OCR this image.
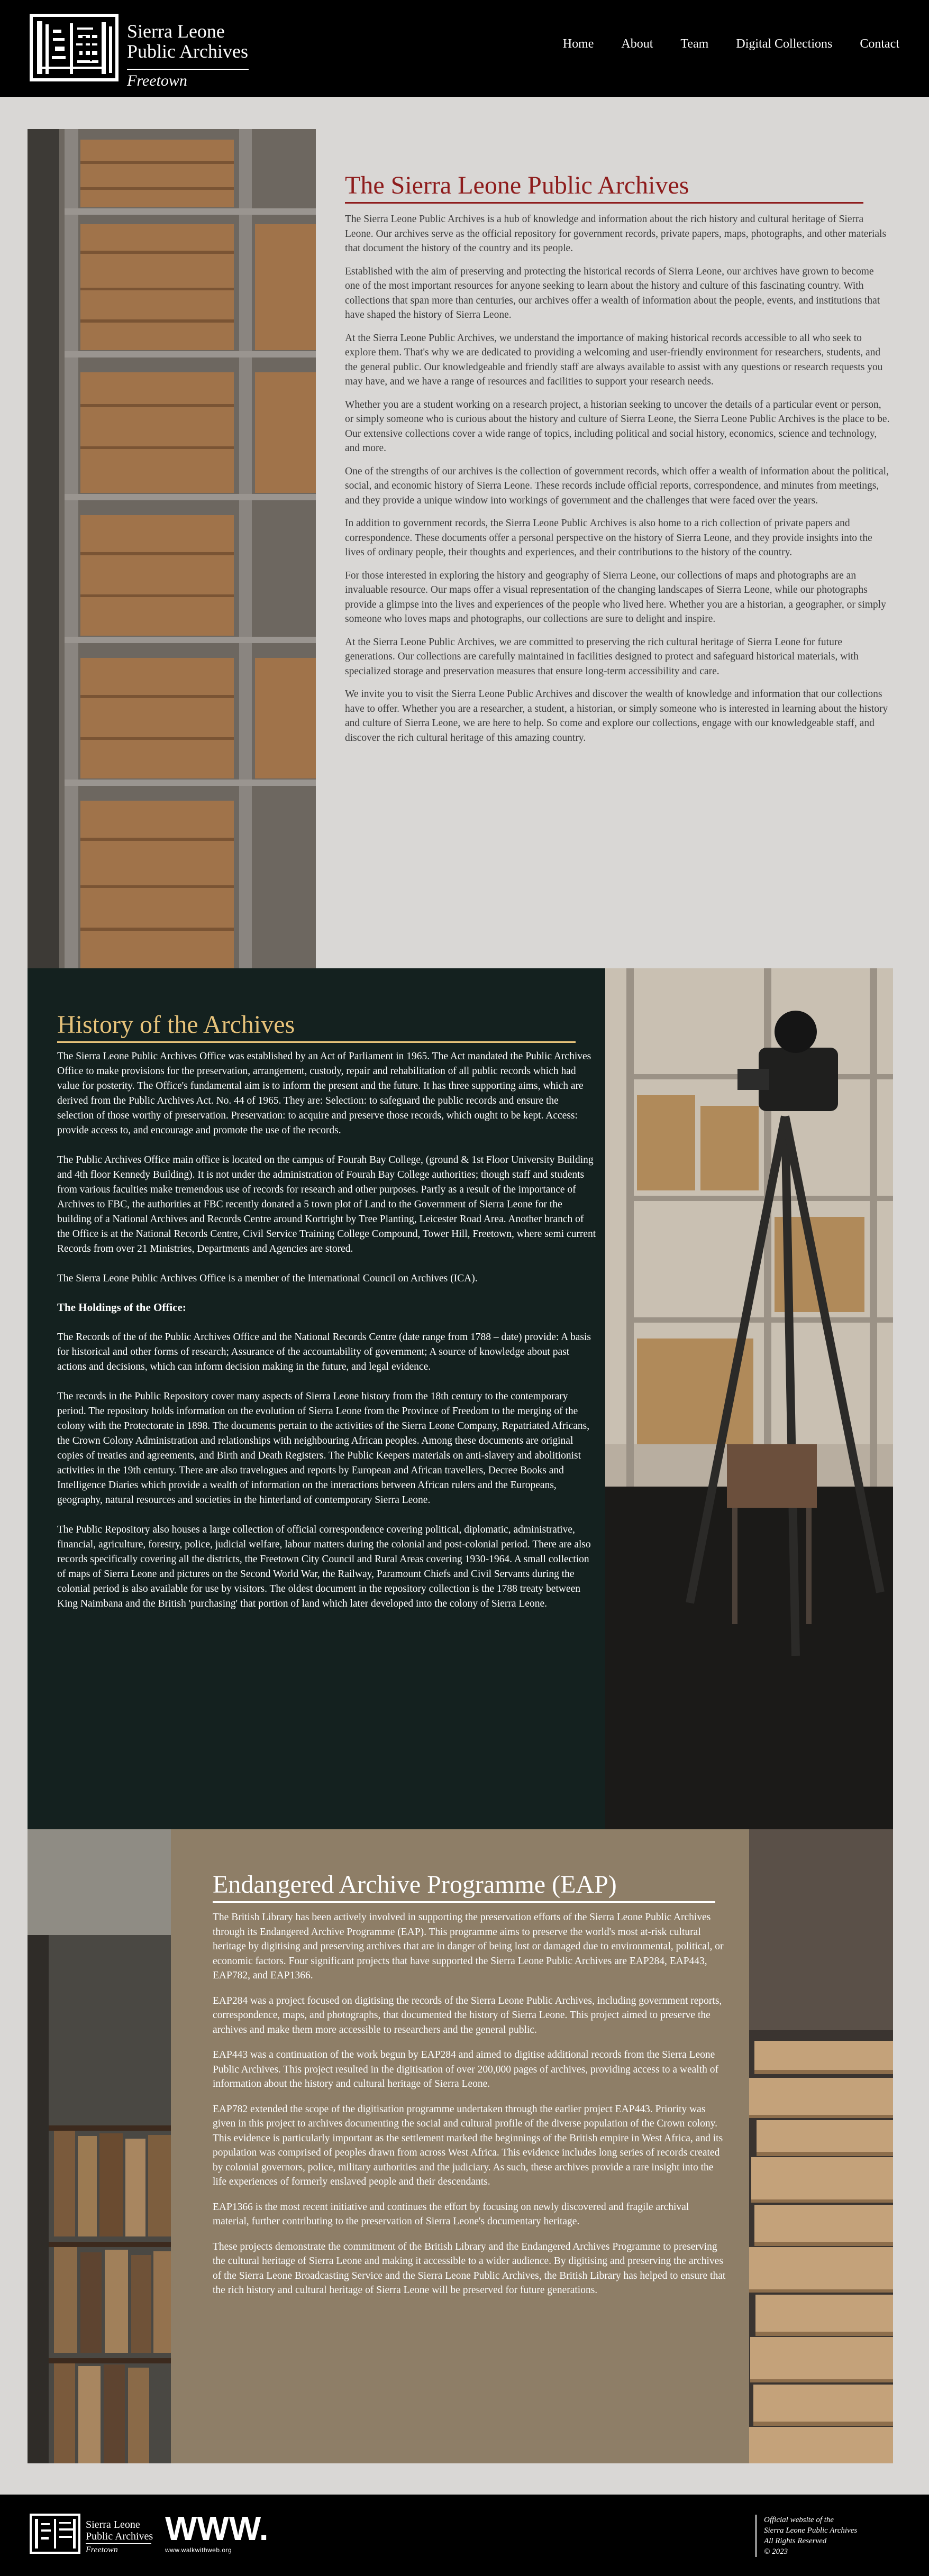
Sierra Leone
Public Archives
Freetown
Home About Team Digital Collections Contact
The Sierra Leone Public Archives

The Sierra Leone Public Archives is a hub of knowledge and information about the rich history and cultural heritage of Sierra Leone. Our archives serve as the official repository for government records, private papers, maps, photographs, and other materials that document the history of the country and its people.

Established with the aim of preserving and protecting the historical records of Sierra Leone, our archives have grown to become one of the most important resources for anyone seeking to learn about the history and culture of this fascinating country. With collections that span more than centuries, our archives offer a wealth of information about the people, events, and institutions that have shaped the history of Sierra Leone.

At the Sierra Leone Public Archives, we understand the importance of making historical records accessible to all who seek to explore them. That's why we are dedicated to providing a welcoming and user-friendly environment for researchers, students, and the general public. Our knowledgeable and friendly staff are always available to assist with any questions or research requests you may have, and we have a range of resources and facilities to support your research needs.

Whether you are a student working on a research project, a historian seeking to uncover the details of a particular event or person, or simply someone who is curious about the history and culture of Sierra Leone, the Sierra Leone Public Archives is the place to be. Our extensive collections cover a wide range of topics, including political and social history, economics, science and technology, and more.

One of the strengths of our archives is the collection of government records, which offer a wealth of information about the political, social, and economic history of Sierra Leone. These records include official reports, correspondence, and minutes from meetings, and they provide a unique window into workings of government and the challenges that were faced over the years.

In addition to government records, the Sierra Leone Public Archives is also home to a rich collection of private papers and correspondence. These documents offer a personal perspective on the history of Sierra Leone, and they provide insights into the lives of ordinary people, their thoughts and experiences, and their contributions to the history of the country.

For those interested in exploring the history and geography of Sierra Leone, our collections of maps and photographs are an invaluable resource. Our maps offer a visual representation of the changing landscapes of Sierra Leone, while our photographs provide a glimpse into the lives and experiences of the people who lived here. Whether you are a historian, a geographer, or simply someone who loves maps and photographs, our collections are sure to delight and inspire.

At the Sierra Leone Public Archives, we are committed to preserving the rich cultural heritage of Sierra Leone for future generations. Our collections are carefully maintained in facilities designed to protect and safeguard historical materials, with specialized storage and preservation measures that ensure long-term accessibility and care.

We invite you to visit the Sierra Leone Public Archives and discover the wealth of knowledge and information that our collections have to offer. Whether you are a researcher, a student, a historian, or simply someone who is interested in learning about the history and culture of Sierra Leone, we are here to help. So come and explore our collections, engage with our knowledgeable staff, and discover the rich cultural heritage of this amazing country.

History of the Archives

The Sierra Leone Public Archives Office was established by an Act of Parliament in 1965. The Act mandated the Public Archives Office to make provisions for the preservation, arrangement, custody, repair and rehabilitation of all public records which had value for posterity. The Office's fundamental aim is to inform the present and the future. It has three supporting aims, which are derived from the Public Archives Act. No. 44 of 1965. They are: Selection: to safeguard the public records and ensure the selection of those worthy of preservation. Preservation: to acquire and preserve those records, which ought to be kept. Access: provide access to, and encourage and promote the use of the records.

The Public Archives Office main office is located on the campus of Fourah Bay College, (ground & 1st Floor University Building and 4th floor Kennedy Building). It is not under the administration of Fourah Bay College authorities; though staff and students from various faculties make tremendous use of records for research and other purposes. Partly as a result of the importance of Archives to FBC, the authorities at FBC recently donated a 5 town plot of Land to the Government of Sierra Leone for the building of a National Archives and Records Centre around Kortright by Tree Planting, Leicester Road Area. Another branch of the Office is at the National Records Centre, Civil Service Training College Compound, Tower Hill, Freetown, where semi current Records from over 21 Ministries, Departments and Agencies are stored.

The Sierra Leone Public Archives Office is a member of the International Council on Archives (ICA).

The Holdings of the Office:

The Records of the of the Public Archives Office and the National Records Centre (date range from 1788 – date) provide: A basis for historical and other forms of research; Assurance of the accountability of government; A source of knowledge about past actions and decisions, which can inform decision making in the future, and legal evidence.

The records in the Public Repository cover many aspects of Sierra Leone history from the 18th century to the contemporary period. The repository holds information on the evolution of Sierra Leone from the Province of Freedom to the merging of the colony with the Protectorate in 1898. The documents pertain to the activities of the Sierra Leone Company, Repatriated Africans, the Crown Colony Administration and relationships with neighbouring African peoples. Among these documents are original copies of treaties and agreements, and Birth and Death Registers. The Public Keepers materials on anti-slavery and abolitionist activities in the 19th century. There are also travelogues and reports by European and African travellers, Decree Books and Intelligence Diaries which provide a wealth of information on the interactions between African rulers and the Europeans, geography, natural resources and societies in the hinterland of contemporary Sierra Leone.

The Public Repository also houses a large collection of official correspondence covering political, diplomatic, administrative, financial, agriculture, forestry, police, judicial welfare, labour matters during the colonial and post-colonial period. There are also records specifically covering all the districts, the Freetown City Council and Rural Areas covering 1930-1964. A small collection of maps of Sierra Leone and pictures on the Second World War, the Railway, Paramount Chiefs and Civil Servants during the colonial period is also available for use by visitors. The oldest document in the repository collection is the 1788 treaty between King Naimbana and the British 'purchasing' that portion of land which later developed into the colony of Sierra Leone.

Endangered Archive Programme (EAP)

The British Library has been actively involved in supporting the preservation efforts of the Sierra Leone Public Archives through its Endangered Archive Programme (EAP). This programme aims to preserve the world's most at-risk cultural heritage by digitising and preserving archives that are in danger of being lost or damaged due to environmental, political, or economic factors. Four significant projects that have supported the Sierra Leone Public Archives are EAP284, EAP443, EAP782, and EAP1366.

EAP284 was a project focused on digitising the records of the Sierra Leone Public Archives, including government reports, correspondence, maps, and photographs, that documented the history of Sierra Leone. This project aimed to preserve the archives and make them more accessible to researchers and the general public.

EAP443 was a continuation of the work begun by EAP284 and aimed to digitise additional records from the Sierra Leone Public Archives. This project resulted in the digitisation of over 200,000 pages of archives, providing access to a wealth of information about the history and cultural heritage of Sierra Leone.

EAP782 extended the scope of the digitisation programme undertaken through the earlier project EAP443. Priority was given in this project to archives documenting the social and cultural profile of the diverse population of the Crown colony. This evidence is particularly important as the settlement marked the beginnings of the British empire in West Africa, and its population was comprised of peoples drawn from across West Africa. This evidence includes long series of records created by colonial governors, police, military authorities and the judiciary. As such, these archives provide a rare insight into the life experiences of formerly enslaved people and their descendants.

EAP1366 is the most recent initiative and continues the effort by focusing on newly discovered and fragile archival material, further contributing to the preservation of Sierra Leone's documentary heritage.

These projects demonstrate the commitment of the British Library and the Endangered Archives Programme to preserving the cultural heritage of Sierra Leone and making it accessible to a wider audience. By digitising and preserving the archives of the Sierra Leone Broadcasting Service and the Sierra Leone Public Archives, the British Library has helped to ensure that the rich history and cultural heritage of Sierra Leone will be preserved for future generations.

Sierra Leone
Public Archives
Freetown
WWW.
www.walkwithweb.org
Official website of the
Sierra Leone Public Archives
All Rights Reserved
© 2023
